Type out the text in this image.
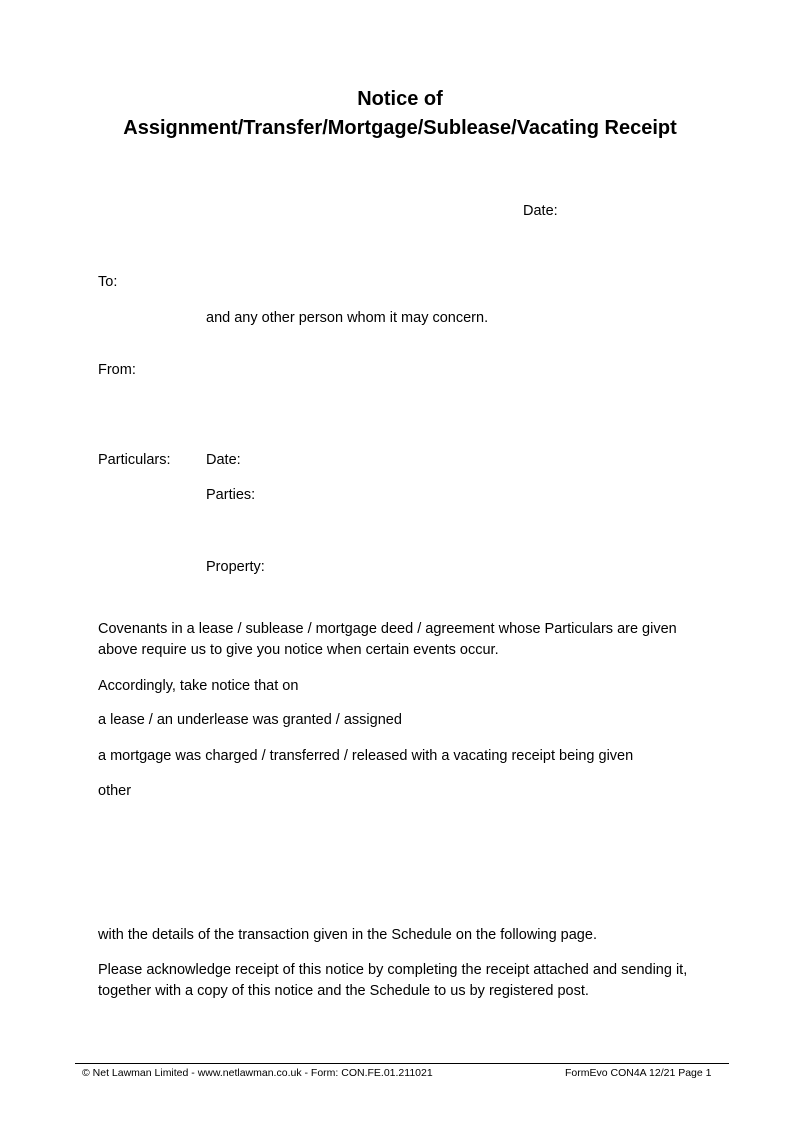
Notice of
Assignment/Transfer/Mortgage/Sublease/Vacating Receipt
Date:
To:
and any other person whom it may concern.
From:
Particulars: Date:
Parties:
Property:
Covenants in a lease / sublease / mortgage deed / agreement whose Particulars are given above require us to give you notice when certain events occur.
Accordingly, take notice that on
a lease / an underlease was granted / assigned
a mortgage was charged / transferred / released with a vacating receipt being given
other
with the details of the transaction given in the Schedule on the following page.
Please acknowledge receipt of this notice by completing the receipt attached and sending it, together with a copy of this notice and the Schedule to us by registered post.
© Net Lawman Limited - www.netlawman.co.uk - Form: CON.FE.01.211021	FormEvo CON4A 12/21 Page 1
